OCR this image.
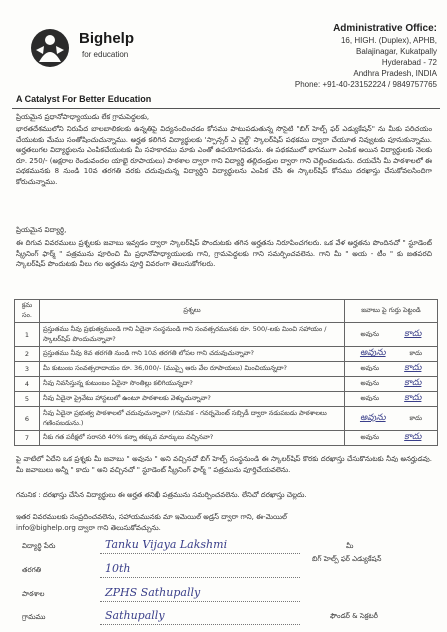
Bighelp
for education
A Catalyst For Better Education
Administrative Office:
16, HIGH. (Duplex), APHB,
Balajinagar, Kukatpally
Hyderabad - 72
Andhra Pradesh, INDIA
Phone: +91-40-23152224 / 9849757765
ప్రియమైన ప్రధానోపాధ్యాయుడు లేక గ్రామపెద్దలకు,
భారతదేశములోని నిరుపేద బాలబాలికలకు ఉన్నతిపై విద్యనందించడం కోసము పాటుపడుతున్న సొసైటి "బిగ్ హెల్ప్ ఫర్ ఎడ్యుకేషన్" ను మీకు పరిచయం చేయుటకు మేము సంతోషించుచున్నాము. అర్హత కలిగిన విద్యార్థులకు 'స్పాన్సర్ ఎ చైల్డ్' స్కాలర్‌షిప్ పథకము ద్వారా చేయూత నివ్వుటకు పూనుకున్నాము. అర్హతలుగల విద్యార్థులను ఎంపికచేయుటకు మీ సహకారము మాకు ఎంతో ఉపయోగపడును. ఈ పథకములో భాగముగా ఎంపిక అయిన విద్యార్థులకు నెలకు రూ. 250/- (అక్షరాల రెండువందల యాభై రూపాయలు) పాఠశాల ద్వారా గాని విద్యార్థి తల్లిదండ్రుల ద్వారా గాని చెల్లించబడును. దయచేసి మీ పాఠశాలలో ఈ పథకమునకు 8 నుండి 10వ తరగతి వరకు చదువుచున్న విద్యార్థిని విద్యార్థులను ఎంపిక చేసి ఈ స్కాలర్‌షిప్ కోసము దరఖాస్తు చేసుకోవలసిందిగా కోరుచున్నాము.
ప్రియమైన విద్యార్థి,
ఈ దిగువ వివరములు ప్రశ్నలకు జవాబు ఇవ్వడం ద్వారా స్కాలర్‌షిప్ పొందుటకు తగిన అర్హతను నిరూపించగలరు. ఒక వేళ అర్హతను పొందినచో " స్టూడెంట్ స్క్రీనింగ్ ఫార్మ్ " పత్రమును పూరించి మీ ప్రధానోపాధ్యాయులకు గాని, గ్రామపెద్దలకు గాని సమర్పించవలెను. గాని మీ " అయ - టీం " కు జతపరచి స్కాలర్‌షిప్ పొందుటకు వీలు గల అర్హతను పూర్తి వివరంగా తెలుసుకోగలరు.
క్రమ సం.	ప్రశ్నలు	జవాబు పై గుర్తు పెట్టండి
1	ప్రస్తుతము నీవు ప్రభుత్వముండి గాని ఏదైనా సంస్థనుండి గాని సంవత్సరమునకు రూ. 500/-లకు మించి సహాయం / స్కాలర్‌షిప్ పొందుచున్నావా?	అవును కాదు

2	ప్రస్తుతము నీవు 8వ తరగతి నుండి గాని 10వ తరగతి లోపల గాని చదువుచున్నావా?	అవును కాదు

3	మీ కుటుంబ సంవత్సరాదాయం రూ. 36,000/- (ముప్పై ఆరు వేల రూపాయలు) మించియున్నదా?	అవును కాదు

4	నీవు నివసిస్తున్న కుటుంబం ఏదైనా సొంతిల్లు కలిగియున్నదా?	అవును కాదు

5	నీవు ఏదైనా ప్రైవేటు హాస్టలులో ఉంటూ పాఠశాలకు వెళ్ళుచున్నావా?	అవును కాదు

6	నీవు ఏదైనా ప్రభుత్వ పాఠశాలలో చదువుచున్నావా? (గమనిక - గవర్నమెంట్ సబ్సిడీ ద్వారా నడుపబడు పాఠశాలలు గణింపబడును.)	అవును కాదు

7	నీకు గత పరీక్షలో సరాసరి 40% కన్నా తక్కువ మార్కులు వచ్చినవా?	అవును కాదు
పై వాటిలో ఏదేని ఒక ప్రశ్నకు మీ జవాబు " అవును " అని వచ్చినచో బిగ్ హెల్ప్ సంస్థనుండి ఈ స్కాలర్‌షిప్ కొరకు దరఖాస్తు చేసుకొనుటకు నీవు అనర్హుడవు. మీ జవాబులు అన్నీ " కాదు " అని వచ్చినచో " స్టూడెంట్ స్క్రీనింగ్ ఫార్మ్ " పత్రమును పూర్తిచేయవలెను.
గమనిక : దరఖాస్తు చేసిన విద్యార్థులు ఈ అర్హత తనిఖీ పత్రమును సమర్పించవలెను. లేనిచో దరఖాస్తు చెల్లదు.
ఇతర వివరములకు సంప్రదించవలెను, సహాయమునకు మా ఇమెయిల్ అడ్రస్ ద్వారా గాని, ఈ-మెయిల్
info@bighelp.org ద్వారా గాని తెలుసుకోవచ్చును.
విద్యార్థి పేరు	Tanku Vijaya Lakshmi
తరగతి	10th
పాఠశాల	ZPHS Sathupally
గ్రామము	Sathupally
మీ
బిగ్ హెల్ప్ ఫర్ ఎడ్యుకేషన్
ఫౌండర్ & సెక్రటరీ
